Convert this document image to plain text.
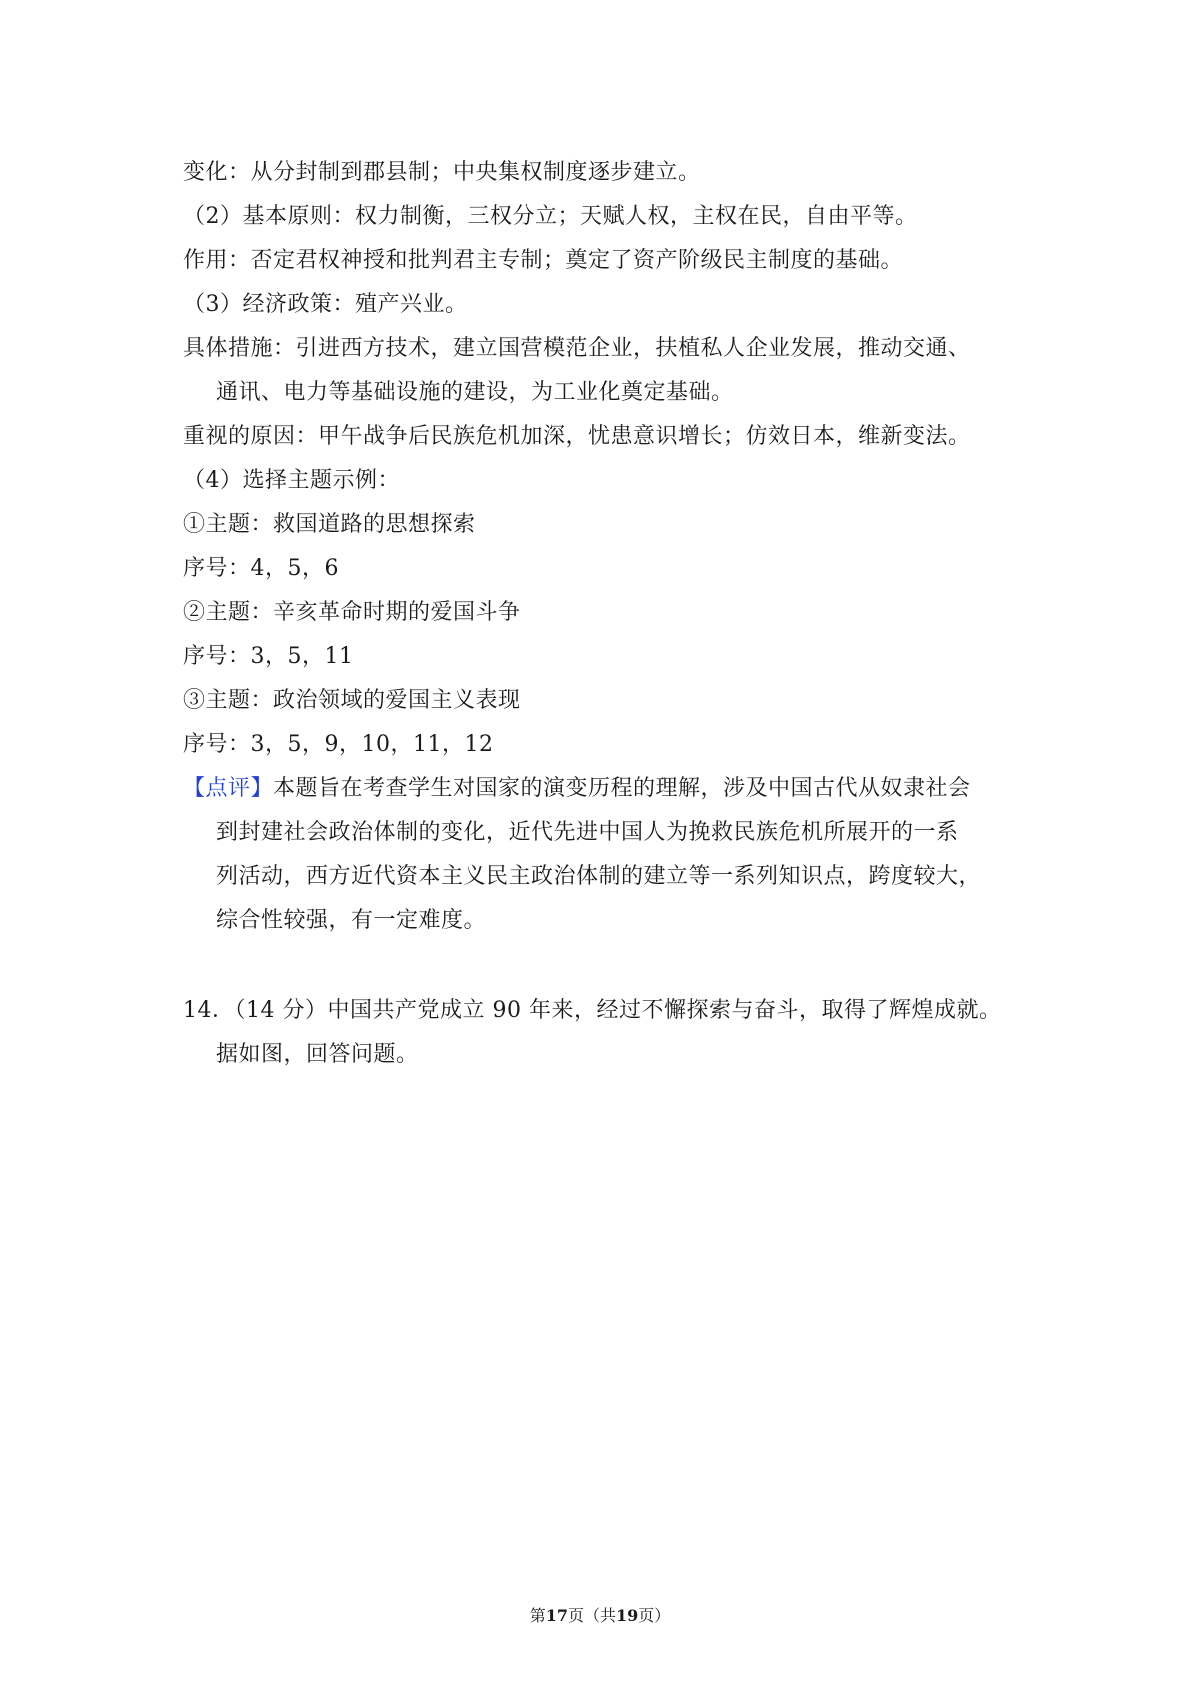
变化：从分封制到郡县制；中央集权制度逐步建立。
（2）基本原则：权力制衡，三权分立；天赋人权，主权在民，自由平等。
作用：否定君权神授和批判君主专制；奠定了资产阶级民主制度的基础。
（3）经济政策：殖产兴业。
具体措施：引进西方技术，建立国营模范企业，扶植私人企业发展，推动交通、
通讯、电力等基础设施的建设，为工业化奠定基础。
重视的原因：甲午战争后民族危机加深，忧患意识增长；仿效日本，维新变法。
（4）选择主题示例：
①主题：救国道路的思想探索
序号：4，5，6
②主题：辛亥革命时期的爱国斗争
序号：3，5，11
③主题：政治领域的爱国主义表现
序号：3，5，9，10，11，12
【点评】本题旨在考查学生对国家的演变历程的理解，涉及中国古代从奴隶社会
到封建社会政治体制的变化，近代先进中国人为挽救民族危机所展开的一系
列活动，西方近代资本主义民主政治体制的建立等一系列知识点，跨度较大，
综合性较强，有一定难度。
14．（14 分）中国共产党成立 90 年来，经过不懈探索与奋斗，取得了辉煌成就。
据如图，回答问题。
第17页（共19页）
